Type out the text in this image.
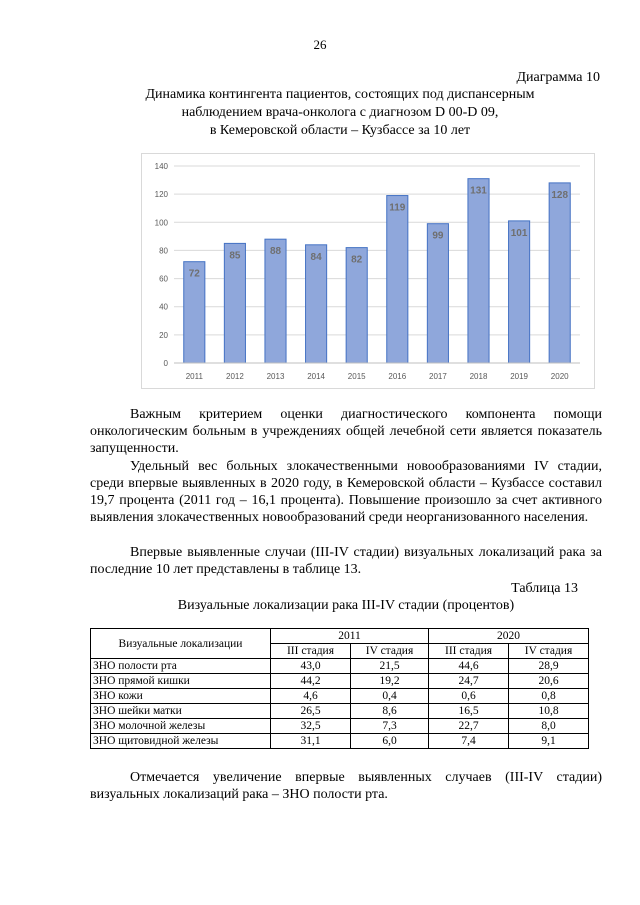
26
Диаграмма 10
Динамика контингента пациентов, состоящих под диспансерным
наблюдением врача-онколога с диагнозом D 00-D 09,
в Кемеровской области – Кузбассе за 10 лет
0
20
40
60
80
100
120
140
72
2011
85
2012
88
2013
84
2014
82
2015
119
2016
99
2017
131
2018
101
2019
128
2020
Важным критерием оценки диагностического компонента помощи онкологическим больным в учреждениях общей лечебной сети является показатель запущенности.
Удельный вес больных злокачественными новообразованиями IV стадии, среди впервые выявленных в 2020 году, в Кемеровской области – Кузбассе составил 19,7 процента (2011 год – 16,1 процента). Повышение произошло за счет активного выявления злокачественных новообразований среди неорганизованного населения.
Впервые выявленные случаи (III-IV стадии) визуальных локализаций рака за последние 10 лет представлены в таблице 13.
Таблица 13
Визуальные локализации рака III-IV стадии (процентов)
Визуальные локализации	2011		2020	
	III стадия	IV стадия	III стадия	IV стадия
ЗНО полости рта	43,0	21,5	44,6	28,9
ЗНО прямой кишки	44,2	19,2	24,7	20,6
ЗНО кожи	4,6	0,4	0,6	0,8
ЗНО шейки матки	26,5	8,6	16,5	10,8
ЗНО молочной железы	32,5	7,3	22,7	8,0
ЗНО щитовидной железы	31,1	6,0	7,4	9,1
Отмечается увеличение впервые выявленных случаев (III-IV стадии) визуальных локализаций рака – ЗНО полости рта.
